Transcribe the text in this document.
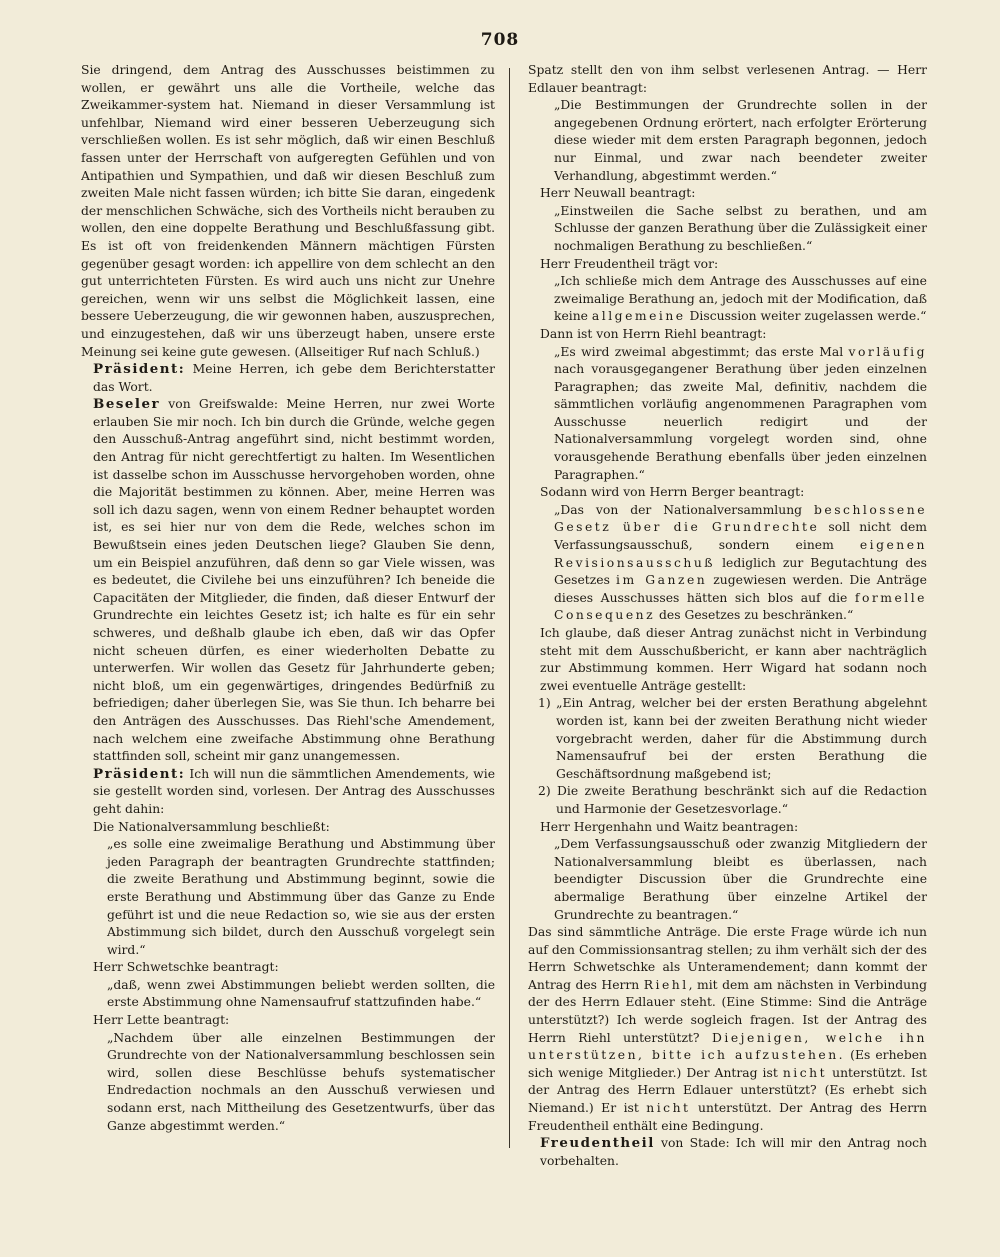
708

Sie dringend, dem Antrag des Ausschusses beistimmen zu wollen, er gewährt uns alle die Vortheile, welche das Zweikammer-system hat. Niemand in dieser Versammlung ist unfehlbar, Niemand wird einer besseren Ueberzeugung sich verschließen wollen. Es ist sehr möglich, daß wir einen Beschluß fassen unter der Herrschaft von aufgeregten Gefühlen und von Antipathien und Sympathien, und daß wir diesen Beschluß zum zweiten Male nicht fassen würden; ich bitte Sie daran, eingedenk der menschlichen Schwäche, sich des Vortheils nicht berauben zu wollen, den eine doppelte Berathung und Beschlußfassung gibt. Es ist oft von freidenkenden Männern mächtigen Fürsten gegenüber gesagt worden: ich appellire von dem schlecht an den gut unterrichteten Fürsten. Es wird auch uns nicht zur Unehre gereichen, wenn wir uns selbst die Möglichkeit lassen, eine bessere Ueberzeugung, die wir gewonnen haben, auszusprechen, und einzugestehen, daß wir uns überzeugt haben, unsere erste Meinung sei keine gute gewesen. (Allseitiger Ruf nach Schluß.)

Präsident: Meine Herren, ich gebe dem Berichterstatter das Wort.

Beseler von Greifswalde: Meine Herren, nur zwei Worte erlauben Sie mir noch. Ich bin durch die Gründe, welche gegen den Ausschuß-Antrag angeführt sind, nicht bestimmt worden, den Antrag für nicht gerechtfertigt zu halten. Im Wesentlichen ist dasselbe schon im Ausschusse hervorgehoben worden, ohne die Majorität bestimmen zu können. Aber, meine Herren was soll ich dazu sagen, wenn von einem Redner behauptet worden ist, es sei hier nur von dem die Rede, welches schon im Bewußtsein eines jeden Deutschen liege? Glauben Sie denn, um ein Beispiel anzuführen, daß denn so gar Viele wissen, was es bedeutet, die Civilehe bei uns einzuführen? Ich beneide die Capacitäten der Mitglieder, die finden, daß dieser Entwurf der Grundrechte ein leichtes Gesetz ist; ich halte es für ein sehr schweres, und deßhalb glaube ich eben, daß wir das Opfer nicht scheuen dürfen, es einer wiederholten Debatte zu unterwerfen. Wir wollen das Gesetz für Jahrhunderte geben; nicht bloß, um ein gegenwärtiges, dringendes Bedürfniß zu befriedigen; daher überlegen Sie, was Sie thun. Ich beharre bei den Anträgen des Ausschusses. Das Riehl'sche Amendement, nach welchem eine zweifache Abstimmung ohne Berathung stattfinden soll, scheint mir ganz unangemessen.

Präsident: Ich will nun die sämmtlichen Amendements, wie sie gestellt worden sind, vorlesen. Der Antrag des Ausschusses geht dahin:

Die Nationalversammlung beschließt:

„es solle eine zweimalige Berathung und Abstimmung über jeden Paragraph der beantragten Grundrechte stattfinden; die zweite Berathung und Abstimmung beginnt, sowie die erste Berathung und Abstimmung über das Ganze zu Ende geführt ist und die neue Redaction so, wie sie aus der ersten Abstimmung sich bildet, durch den Ausschuß vorgelegt sein wird.“

Herr Schwetschke beantragt:

„daß, wenn zwei Abstimmungen beliebt werden sollten, die erste Abstimmung ohne Namensaufruf stattzufinden habe.“

Herr Lette beantragt:

„Nachdem über alle einzelnen Bestimmungen der Grundrechte von der Nationalversammlung beschlossen sein wird, sollen diese Beschlüsse behufs systematischer Endredaction nochmals an den Ausschuß verwiesen und sodann erst, nach Mittheilung des Gesetzentwurfs, über das Ganze abgestimmt werden.“

Spatz stellt den von ihm selbst verlesenen Antrag. — Herr Edlauer beantragt:

„Die Bestimmungen der Grundrechte sollen in der angegebenen Ordnung erörtert, nach erfolgter Erörterung diese wieder mit dem ersten Paragraph begonnen, jedoch nur Einmal, und zwar nach beendeter zweiter Verhandlung, abgestimmt werden.“

Herr Neuwall beantragt:

„Einstweilen die Sache selbst zu berathen, und am Schlusse der ganzen Berathung über die Zulässigkeit einer nochmaligen Berathung zu beschließen.“

Herr Freudentheil trägt vor:

„Ich schließe mich dem Antrage des Ausschusses auf eine zweimalige Berathung an, jedoch mit der Modification, daß keine allgemeine Discussion weiter zugelassen werde.“

Dann ist von Herrn Riehl beantragt:

„Es wird zweimal abgestimmt; das erste Mal vorläufig nach vorausgegangener Berathung über jeden einzelnen Paragraphen; das zweite Mal, definitiv, nachdem die sämmtlichen vorläufig angenommenen Paragraphen vom Ausschusse neuerlich redigirt und der Nationalversammlung vorgelegt worden sind, ohne vorausgehende Berathung ebenfalls über jeden einzelnen Paragraphen.“

Sodann wird von Herrn Berger beantragt:

„Das von der Nationalversammlung beschlossene Gesetz über die Grundrechte soll nicht dem Verfassungsausschuß, sondern einem eigenen Revisionsausschuß lediglich zur Begutachtung des Gesetzes im Ganzen zugewiesen werden. Die Anträge dieses Ausschusses hätten sich blos auf die formelle Consequenz des Gesetzes zu beschränken.“

Ich glaube, daß dieser Antrag zunächst nicht in Verbindung steht mit dem Ausschußbericht, er kann aber nachträglich zur Abstimmung kommen. Herr Wigard hat sodann noch zwei eventuelle Anträge gestellt:

1) „Ein Antrag, welcher bei der ersten Berathung abgelehnt worden ist, kann bei der zweiten Berathung nicht wieder vorgebracht werden, daher für die Abstimmung durch Namensaufruf bei der ersten Berathung die Geschäftsordnung maßgebend ist;

2) Die zweite Berathung beschränkt sich auf die Redaction und Harmonie der Gesetzesvorlage.“

Herr Hergenhahn und Waitz beantragen:

„Dem Verfassungsausschuß oder zwanzig Mitgliedern der Nationalversammlung bleibt es überlassen, nach beendigter Discussion über die Grundrechte eine abermalige Berathung über einzelne Artikel der Grundrechte zu beantragen.“

Das sind sämmtliche Anträge. Die erste Frage würde ich nun auf den Commissionsantrag stellen; zu ihm verhält sich der des Herrn Schwetschke als Unteramendement; dann kommt der Antrag des Herrn Riehl, mit dem am nächsten in Verbindung der des Herrn Edlauer steht. (Eine Stimme: Sind die Anträge unterstützt?) Ich werde sogleich fragen. Ist der Antrag des Herrn Riehl unterstützt? Diejenigen, welche ihn unterstützen, bitte ich aufzustehen. (Es erheben sich wenige Mitglieder.) Der Antrag ist nicht unterstützt. Ist der Antrag des Herrn Edlauer unterstützt? (Es erhebt sich Niemand.) Er ist nicht unterstützt. Der Antrag des Herrn Freudentheil enthält eine Bedingung.

Freudentheil von Stade: Ich will mir den Antrag noch vorbehalten.
